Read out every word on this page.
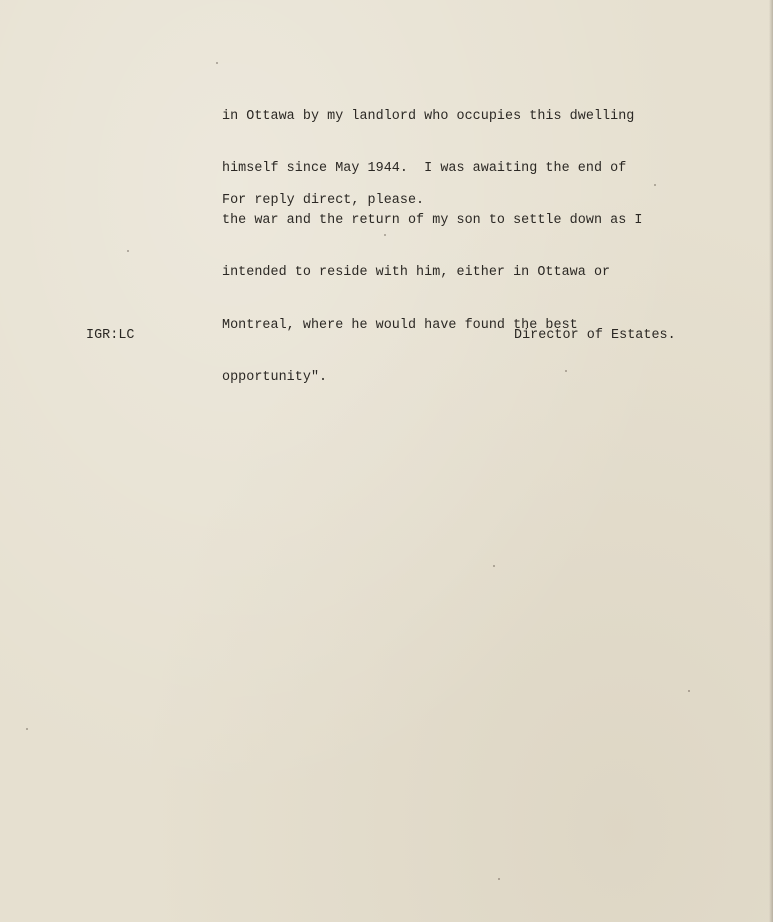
in Ottawa by my landlord who occupies this dwelling

himself since May 1944.  I was awaiting the end of

the war and the return of my son to settle down as I

intended to reside with him, either in Ottawa or

Montreal, where he would have found the best

opportunity".

For reply direct, please.
IGR:LC	Director of Estates.
